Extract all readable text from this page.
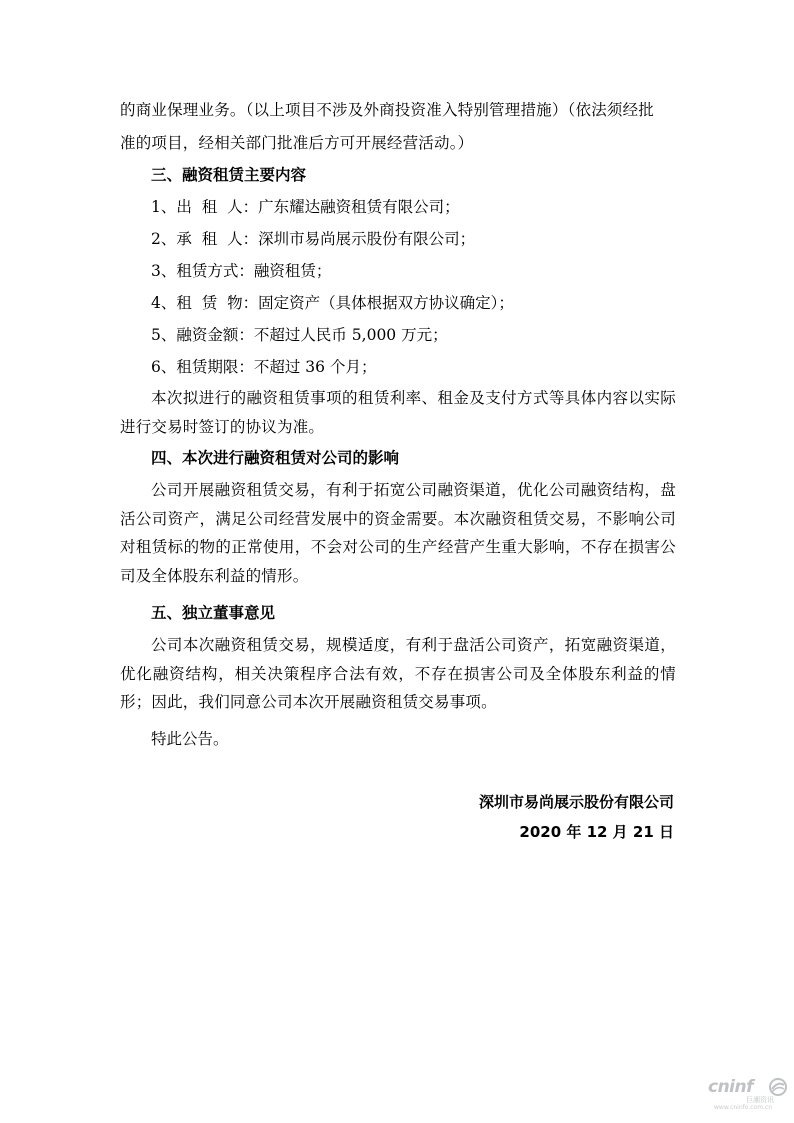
的商业保理业务。（以上项目不涉及外商投资准入特别管理措施）（依法须经批

准的项目，经相关部门批准后方可开展经营活动。）

三、融资租赁主要内容

1、出  租  人：广东耀达融资租赁有限公司；

2、承  租  人：深圳市易尚展示股份有限公司；

3、租赁方式：融资租赁；

4、租  赁  物：固定资产（具体根据双方协议确定）；

5、融资金额：不超过人民币 5,000 万元；

6、租赁期限：不超过 36 个月；

本次拟进行的融资租赁事项的租赁利率、租金及支付方式等具体内容以实际进行交易时签订的协议为准。

四、本次进行融资租赁对公司的影响

公司开展融资租赁交易，有利于拓宽公司融资渠道，优化公司融资结构，盘活公司资产，满足公司经营发展中的资金需要。本次融资租赁交易，不影响公司对租赁标的物的正常使用，不会对公司的生产经营产生重大影响，不存在损害公司及全体股东利益的情形。

五、独立董事意见

公司本次融资租赁交易，规模适度，有利于盘活公司资产，拓宽融资渠道，优化融资结构，相关决策程序合法有效，不存在损害公司及全体股东利益的情形；因此，我们同意公司本次开展融资租赁交易事项。

特此公告。

深圳市易尚展示股份有限公司
2020 年 12 月 21 日
cninf
巨潮资讯
www.cninfo.com.cn
